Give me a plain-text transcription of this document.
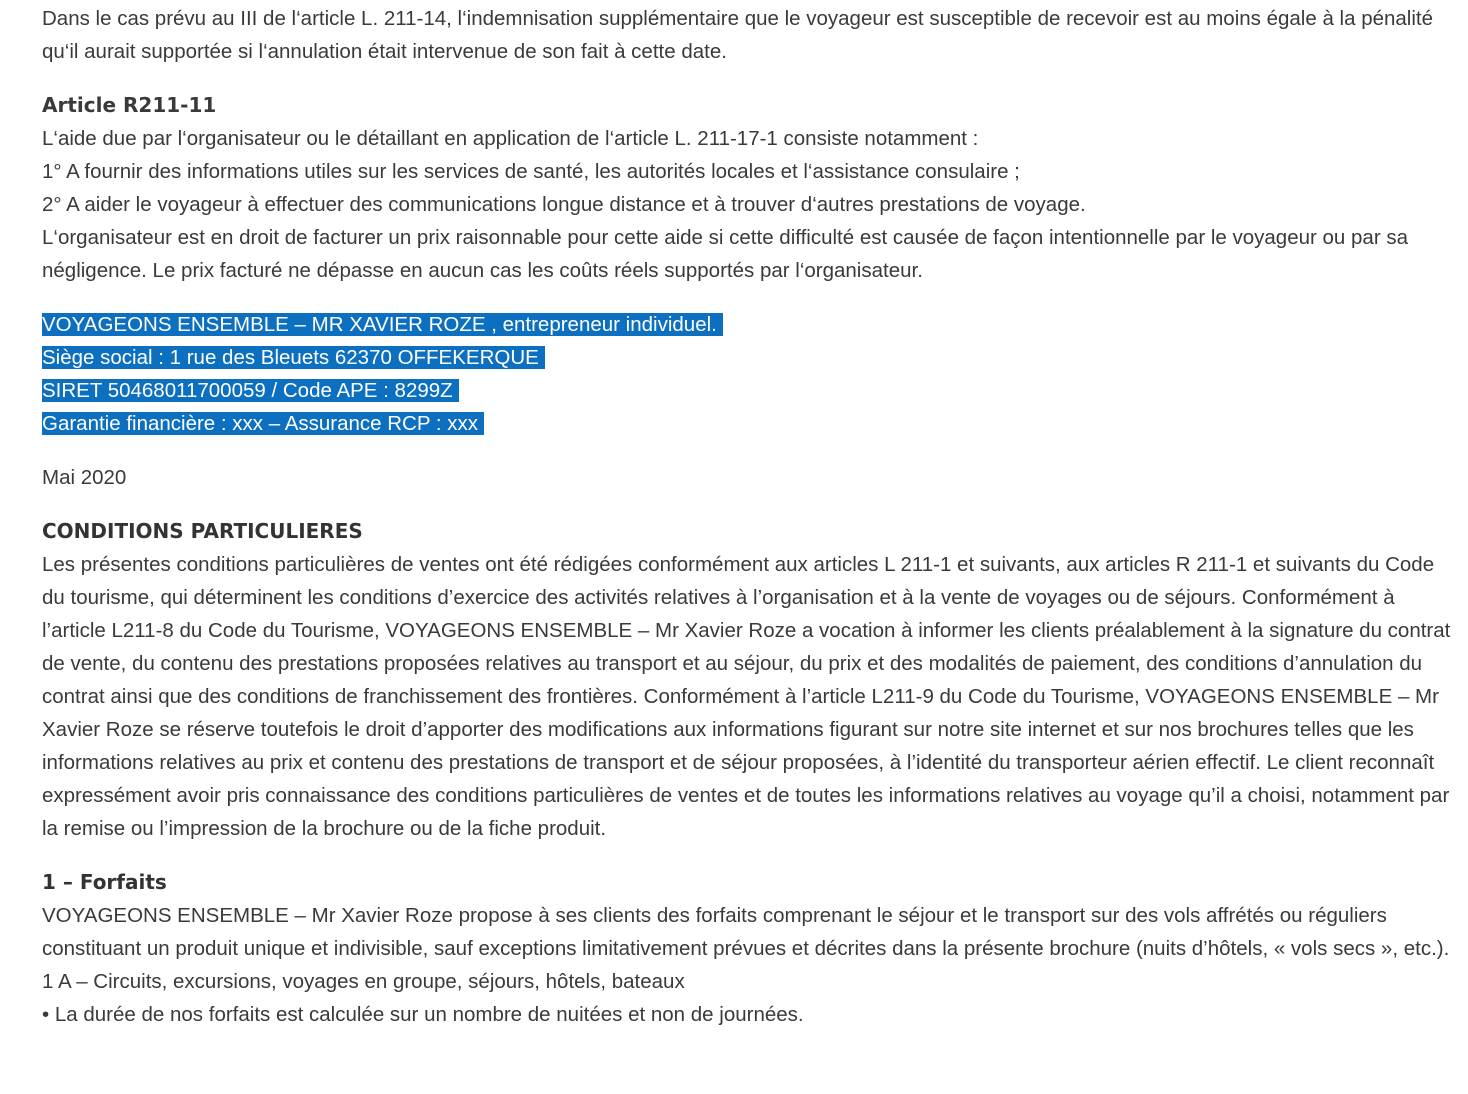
Dans le cas prévu au III de l‘article L. 211-14, l‘indemnisation supplémentaire que le voyageur est susceptible de recevoir est au moins égale à la pénalité qu‘il aurait supportée si l‘annulation était intervenue de son fait à cette date.

Article R211-11
L‘aide due par l‘organisateur ou le détaillant en application de l‘article L. 211-17-1 consiste notamment :
1° A fournir des informations utiles sur les services de santé, les autorités locales et l‘assistance consulaire ;
2° A aider le voyageur à effectuer des communications longue distance et à trouver d‘autres prestations de voyage.
L‘organisateur est en droit de facturer un prix raisonnable pour cette aide si cette difficulté est causée de façon intentionnelle par le voyageur ou par sa négligence. Le prix facturé ne dépasse en aucun cas les coûts réels supportés par l‘organisateur.

VOYAGEONS ENSEMBLE – MR XAVIER ROZE , entrepreneur individuel.
Siège social : 1 rue des Bleuets 62370 OFFEKERQUE
SIRET 50468011700059 / Code APE : 8299Z
Garantie financière : xxx – Assurance RCP : xxx

Mai 2020

CONDITIONS PARTICULIERES
Les présentes conditions particulières de ventes ont été rédigées conformément aux articles L 211-1 et suivants, aux articles R 211-1 et suivants du Code du tourisme, qui déterminent les conditions d’exercice des activités relatives à l’organisation et à la vente de voyages ou de séjours. Conformément à l’article L211-8 du Code du Tourisme, VOYAGEONS ENSEMBLE – Mr Xavier Roze a vocation à informer les clients préalablement à la signature du contrat de vente, du contenu des prestations proposées relatives au transport et au séjour, du prix et des modalités de paiement, des conditions d’annulation du contrat ainsi que des conditions de franchissement des frontières. Conformément à l’article L211-9 du Code du Tourisme, VOYAGEONS ENSEMBLE – Mr Xavier Roze se réserve toutefois le droit d’apporter des modifications aux informations figurant sur notre site internet et sur nos brochures telles que les informations relatives au prix et contenu des prestations de transport et de séjour proposées, à l’identité du transporteur aérien effectif. Le client reconnaît expressément avoir pris connaissance des conditions particulières de ventes et de toutes les informations relatives au voyage qu’il a choisi, notamment par la remise ou l’impression de la brochure ou de la fiche produit.

1 – Forfaits
VOYAGEONS ENSEMBLE – Mr Xavier Roze propose à ses clients des forfaits comprenant le séjour et le transport sur des vols affrétés ou réguliers constituant un produit unique et indivisible, sauf exceptions limitativement prévues et décrites dans la présente brochure (nuits d’hôtels, « vols secs », etc.).
1 A – Circuits, excursions, voyages en groupe, séjours, hôtels, bateaux
• La durée de nos forfaits est calculée sur un nombre de nuitées et non de journées.
